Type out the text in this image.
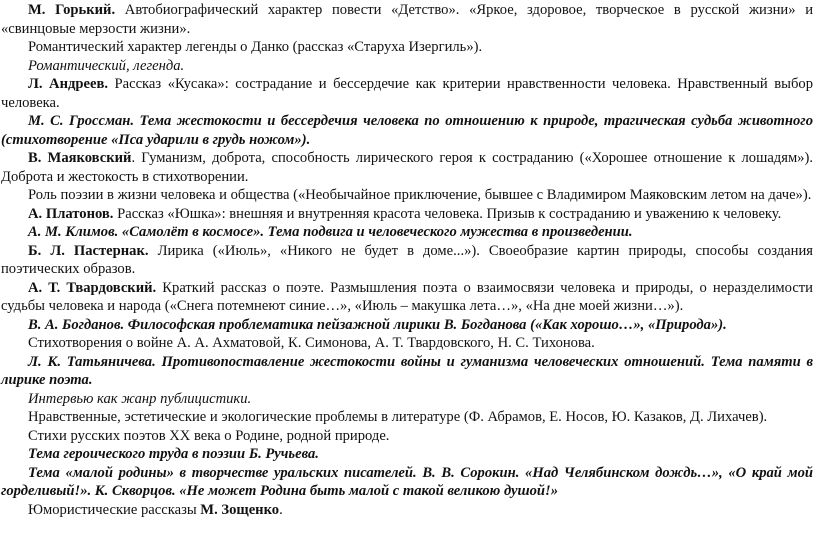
М. Горький. Автобиографический характер повести «Детство». «Яркое, здоровое, творческое в русской жизни» и «свинцовые мерзости жизни».

Романтический характер легенды о Данко (рассказ «Старуха Изергиль»).

Романтический, легенда.

Л. Андреев. Рассказ «Кусака»: сострадание и бессердечие как критерии нравственности человека. Нравственный выбор человека.

М. С. Гроссман. Тема жестокости и бессердечия человека по отношению к природе, трагическая судьба животного (стихотворение «Пса ударили в грудь ножом»).

В. Маяковский. Гуманизм, доброта, способность лирического героя к состраданию («Хорошее отношение к лошадям»). Доброта и жестокость в стихотворении.

Роль поэзии в жизни человека и общества («Необычайное приключение, бывшее с Владимиром Маяковским летом на даче»).

А. Платонов. Рассказ «Юшка»: внешняя и внутренняя красота человека. Призыв к состраданию и уважению к человеку.

А. М. Климов. «Самолёт в космосе». Тема подвига и человеческого мужества в произведении.

Б. Л. Пастернак. Лирика («Июль», «Никого не будет в доме...»). Своеобразие картин природы, способы создания поэтических образов.

А. Т. Твардовский. Краткий рассказ о поэте. Размышления поэта о взаимосвязи человека и природы, о неразделимости судьбы человека и народа («Снега потемнеют синие…», «Июль – макушка лета…», «На дне моей жизни…»).

В. А. Богданов. Философская проблематика пейзажной лирики В. Богданова («Как хорошо…», «Природа»).

Стихотворения о войне А. А. Ахматовой, К. Симонова, А. Т. Твардовского, Н. С. Тихонова.

Л. К. Татьяничева. Противопоставление жестокости войны и гуманизма человеческих отношений. Тема памяти в лирике поэта.

Интервью как жанр публицистики.

Нравственные, эстетические и экологические проблемы в литературе (Ф. Абрамов, Е. Носов, Ю. Казаков, Д. Лихачев).

Стихи русских поэтов XX века о Родине, родной природе.

Тема героического труда в поэзии Б. Ручьева.

Тема «малой родины» в творчестве уральских писателей. В. В. Сорокин. «Над Челябинском дождь…», «О край мой горделивый!». К. Скворцов. «Не может Родина быть малой с такой великою душой!»

Юмористические рассказы М. Зощенко.
